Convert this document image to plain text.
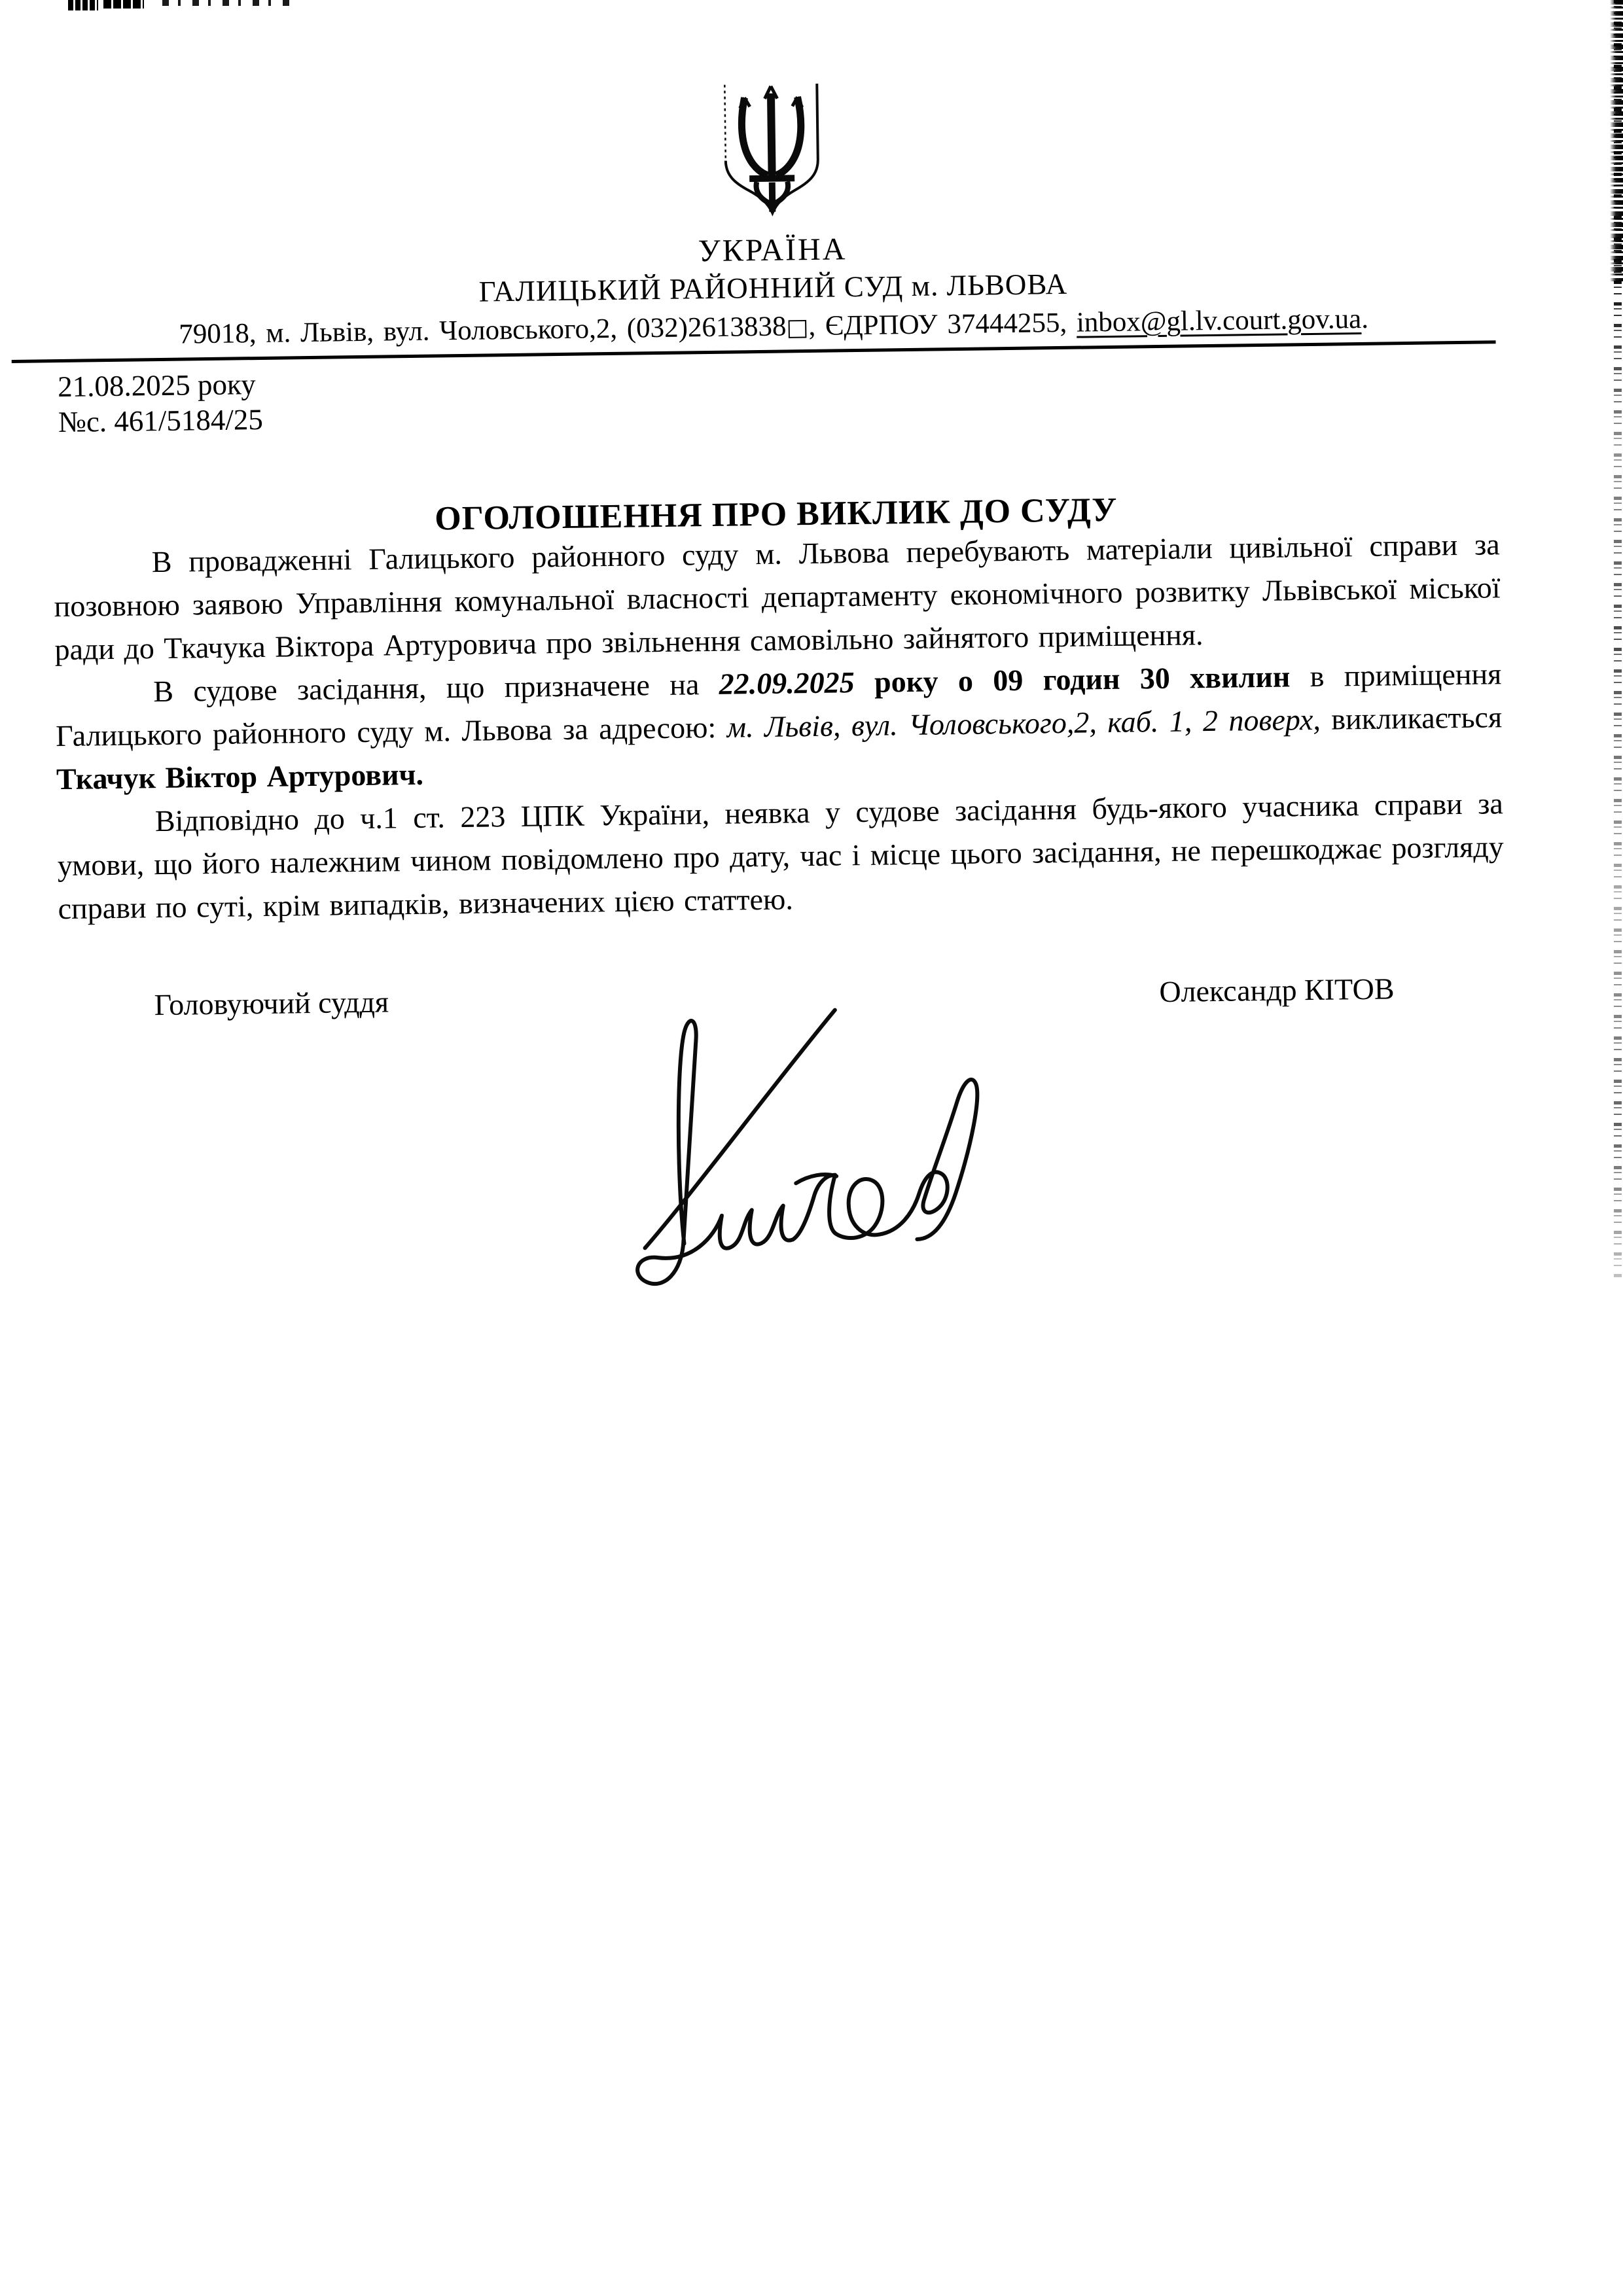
УКРАЇНА
ГАЛИЦЬКИЙ РАЙОННИЙ СУД м. ЛЬВОВА
79018, м. Львів, вул. Чоловського,2, (032)2613838□, ЄДРПОУ 37444255, inbox@gl.lv.court.gov.ua.
21.08.2025 року
№с. 461/5184/25
ОГОЛОШЕННЯ ПРО ВИКЛИК ДО СУДУ

В провадженні Галицького районного суду м. Львова перебувають матеріали цивільної справи за позовною заявою Управління комунальної власності департаменту економічного розвитку Львівської міської ради до Ткачука Віктора Артуровича про звільнення самовільно зайнятого приміщення.

В судове засідання, що призначене на 22.09.2025 року о 09 годин 30 хвилин в приміщення Галицького районного суду м. Львова за адресою: м. Львів, вул. Чоловського,2, каб. 1, 2 поверх, викликається Ткачук Віктор Артурович.

Відповідно до ч.1 ст. 223 ЦПК України, неявка у судове засідання будь-якого учасника справи за умови, що його належним чином повідомлено про дату, час і місце цього засідання, не перешкоджає розгляду справи по суті, крім випадків, визначених цією статтею.

Головуючий суддя	Олександр КІТОВ
